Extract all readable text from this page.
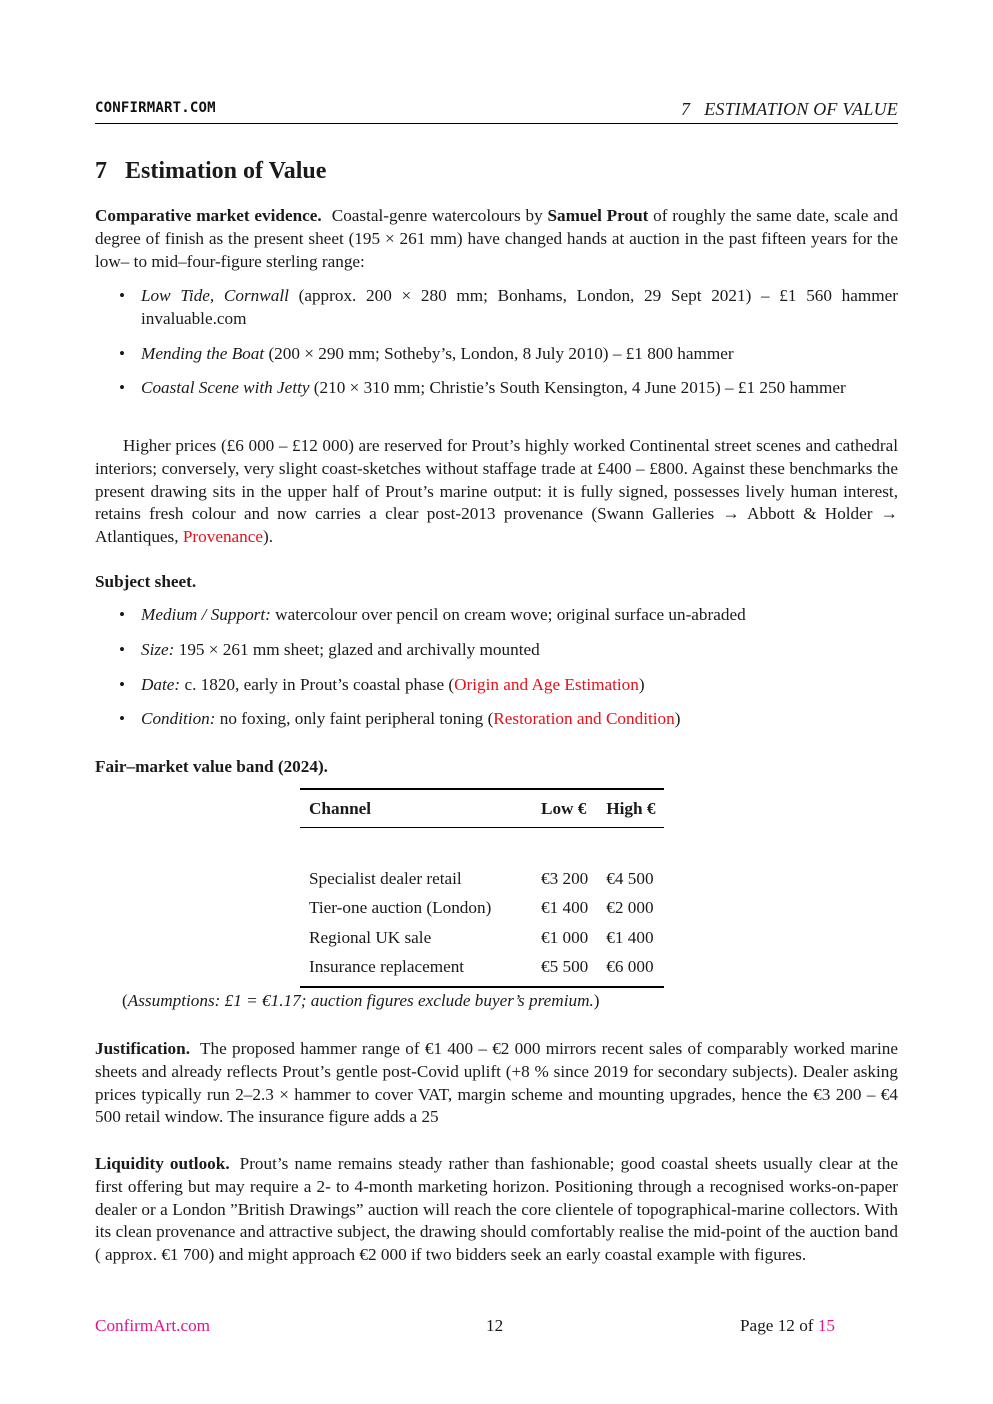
CONFIRMART.COM	7 ESTIMATION OF VALUE
7 Estimation of Value
Comparative market evidence. Coastal-genre watercolours by Samuel Prout of roughly the same date, scale and degree of finish as the present sheet (195 × 261 mm) have changed hands at auction in the past fifteen years for the low– to mid–four-figure sterling range:
• Low Tide, Cornwall (approx. 200 × 280 mm; Bonhams, London, 29 Sept 2021) – £1 560 hammer invaluable.com
• Mending the Boat (200 × 290 mm; Sotheby’s, London, 8 July 2010) – £1 800 hammer
• Coastal Scene with Jetty (210 × 310 mm; Christie’s South Kensington, 4 June 2015) – £1 250 hammer
Higher prices (£6 000 – £12 000) are reserved for Prout’s highly worked Continental street scenes and cathedral interiors; conversely, very slight coast-sketches without staffage trade at £400 – £800. Against these benchmarks the present drawing sits in the upper half of Prout’s marine output: it is fully signed, possesses lively human interest, retains fresh colour and now carries a clear post-2013 provenance (Swann Galleries → Abbott & Holder → Atlantiques, Provenance).
Subject sheet.
• Medium / Support: watercolour over pencil on cream wove; original surface un-abraded
• Size: 195 × 261 mm sheet; glazed and archivally mounted
• Date: c. 1820, early in Prout’s coastal phase (Origin and Age Estimation)
• Condition: no foxing, only faint peripheral toning (Restoration and Condition)
Fair–market value band (2024).
Channel	Low €	High €

Specialist dealer retail	€3 200	€4 500
Tier-one auction (London)	€1 400	€2 000
Regional UK sale	€1 000	€1 400
Insurance replacement	€5 500	€6 000
(Assumptions: £1 = €1.17; auction figures exclude buyer’s premium.)
Justification. The proposed hammer range of €1 400 – €2 000 mirrors recent sales of comparably worked marine sheets and already reflects Prout’s gentle post-Covid uplift (+8 % since 2019 for secondary subjects). Dealer asking prices typically run 2–2.3 × hammer to cover VAT, margin scheme and mounting upgrades, hence the €3 200 – €4 500 retail window. The insurance figure adds a 25
Liquidity outlook. Prout’s name remains steady rather than fashionable; good coastal sheets usually clear at the first offering but may require a 2- to 4-month marketing horizon. Positioning through a recognised works-on-paper dealer or a London ”British Drawings” auction will reach the core clientele of topographical-marine collectors. With its clean provenance and attractive subject, the drawing should comfortably realise the mid-point of the auction band ( approx. €1 700) and might approach €2 000 if two bidders seek an early coastal example with figures.
ConfirmArt.com	12	Page 12 of 15
